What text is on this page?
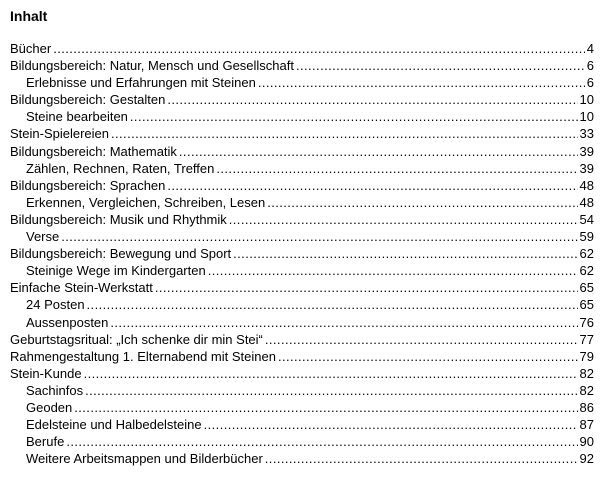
Inhalt
Bücher .....	4
Bildungsbereich: Natur, Mensch und Gesellschaft .....	6
Erlebnisse und Erfahrungen mit Steinen .....	6
Bildungsbereich: Gestalten .....	10
Steine bearbeiten .....	10
Stein-Spielereien .....	33
Bildungsbereich: Mathematik .....	39
Zählen, Rechnen, Raten, Treffen .....	39
Bildungsbereich: Sprachen .....	48
Erkennen, Vergleichen, Schreiben, Lesen .....	48
Bildungsbereich: Musik und Rhythmik .....	54
Verse .....	59
Bildungsbereich: Bewegung und Sport .....	62
Steinige Wege im Kindergarten .....	62
Einfache Stein-Werkstatt .....	65
24 Posten .....	65
Aussenposten .....	76
Geburtstagsritual: „Ich schenke dir min Stei“ .....	77
Rahmengestaltung 1. Elternabend mit Steinen .....	79
Stein-Kunde .....	82
Sachinfos .....	82
Geoden .....	86
Edelsteine und Halbedelsteine .....	87
Berufe .....	90
Weitere Arbeitsmappen und Bilderbücher .....	92
